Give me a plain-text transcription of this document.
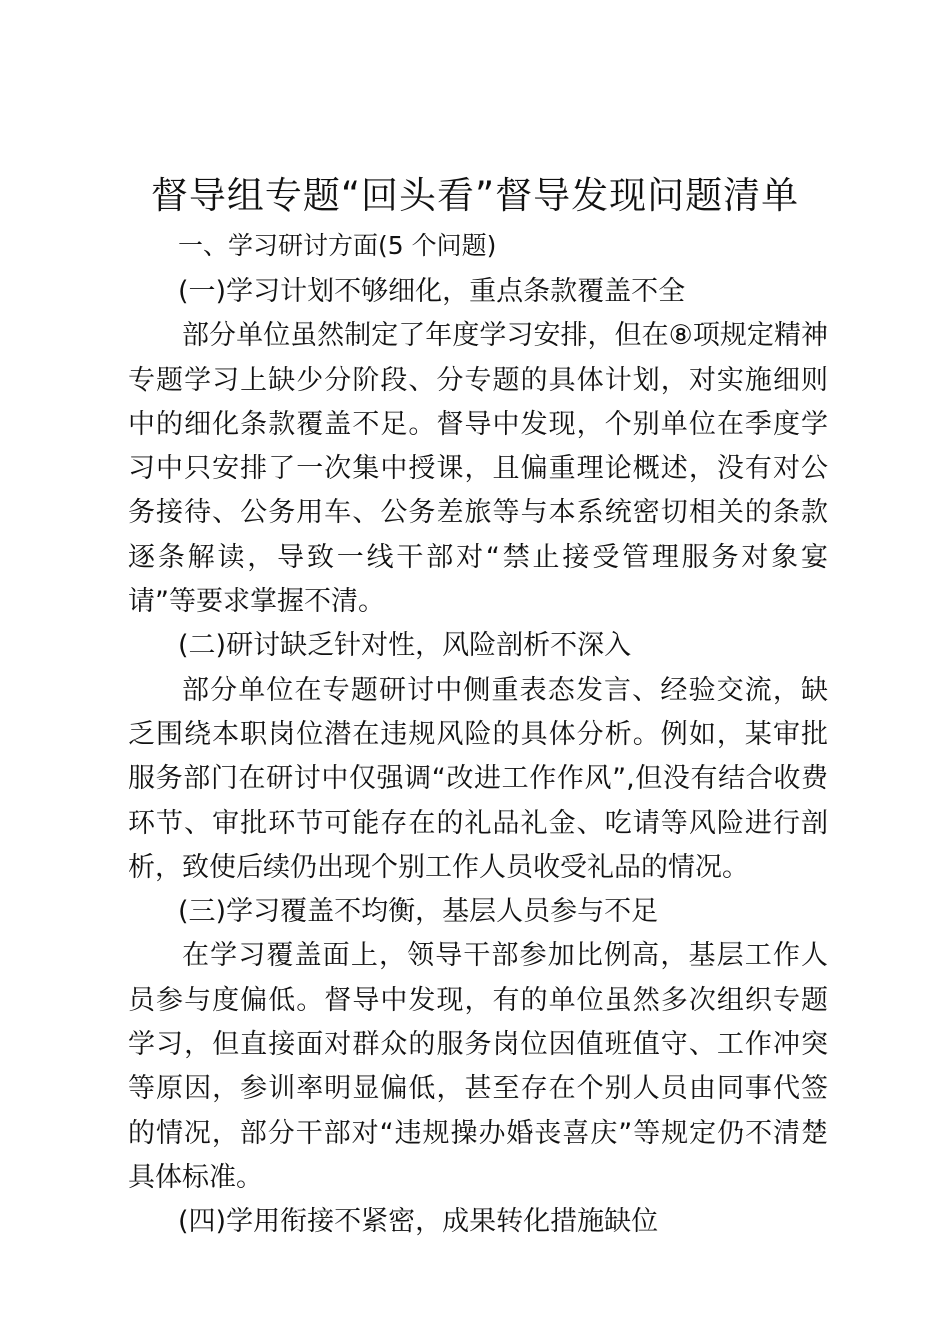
督导组专题“回头看”督导发现问题清单
一、学习研讨方面(5 个问题)
(一)学习计划不够细化，重点条款覆盖不全

部分单位虽然制定了年度学习安排，但在⑧项规定精神专题学习上缺少分阶段、分专题的具体计划，对实施细则中的细化条款覆盖不足。督导中发现，个别单位在季度学习中只安排了一次集中授课，且偏重理论概述，没有对公务接待、公务用车、公务差旅等与本系统密切相关的条款逐条解读，导致一线干部对“禁止接受管理服务对象宴请”等要求掌握不清。

(二)研讨缺乏针对性，风险剖析不深入

部分单位在专题研讨中侧重表态发言、经验交流，缺乏围绕本职岗位潜在违规风险的具体分析。例如，某审批服务部门在研讨中仅强调“改进工作作风”,但没有结合收费环节、审批环节可能存在的礼品礼金、吃请等风险进行剖析，致使后续仍出现个别工作人员收受礼品的情况。

(三)学习覆盖不均衡，基层人员参与不足

在学习覆盖面上，领导干部参加比例高，基层工作人员参与度偏低。督导中发现，有的单位虽然多次组织专题学习，但直接面对群众的服务岗位因值班值守、工作冲突等原因，参训率明显偏低，甚至存在个别人员由同事代签的情况，部分干部对“违规操办婚丧喜庆”等规定仍不清楚具体标准。

(四)学用衔接不紧密，成果转化措施缺位
